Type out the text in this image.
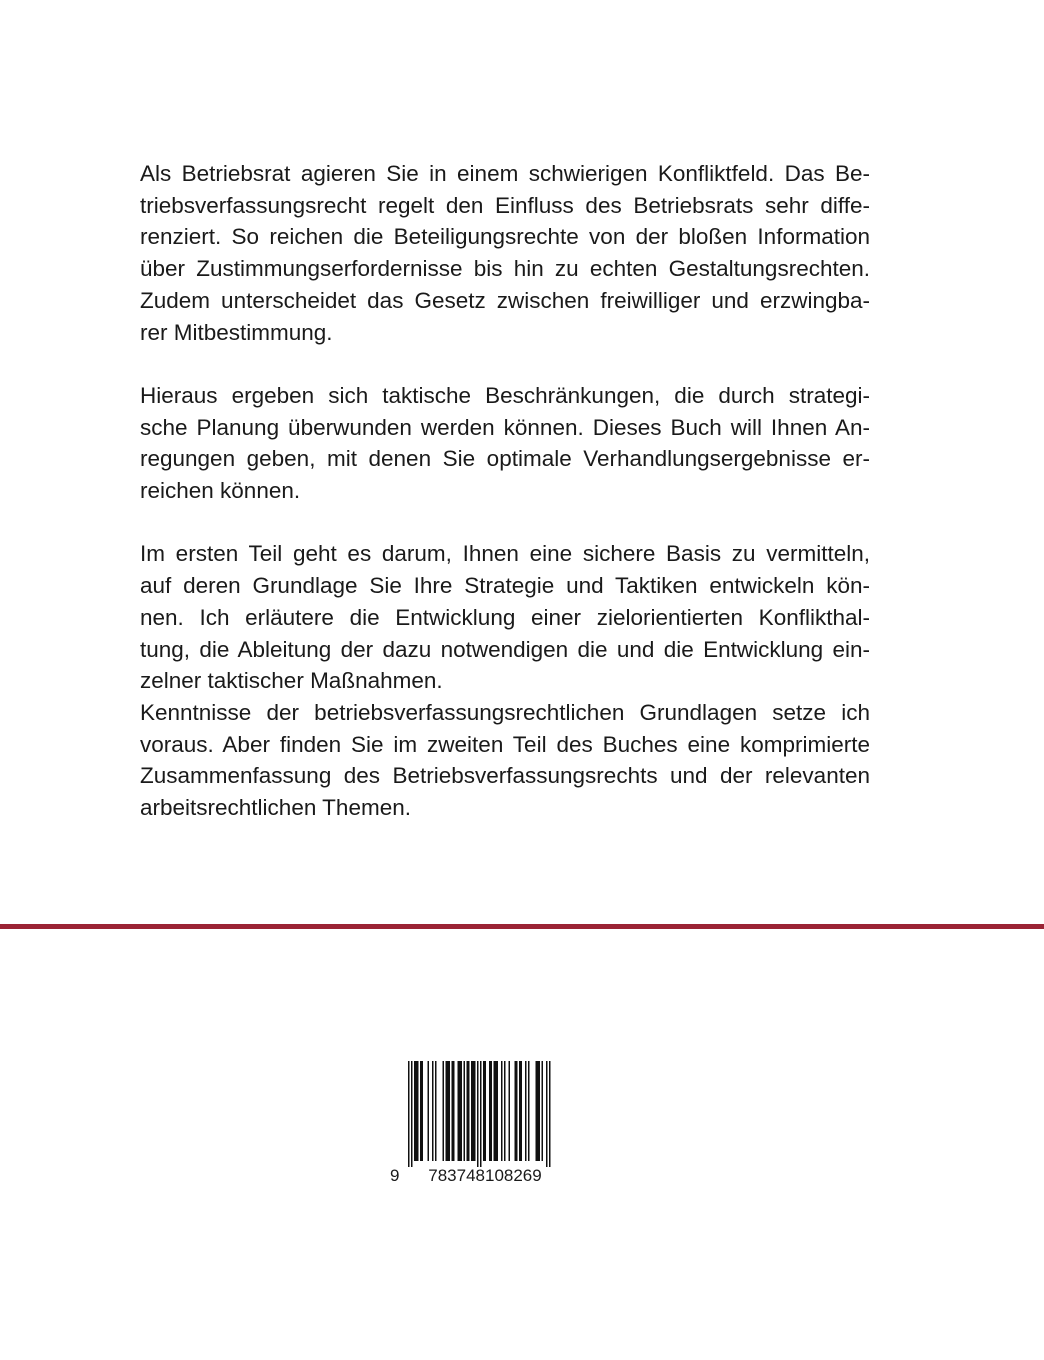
Als Betriebsrat agieren Sie in einem schwierigen Konfliktfeld. Das Be-

triebsverfassungsrecht regelt den Einfluss des Betriebsrats sehr diffe-

renziert. So reichen die Beteiligungsrechte von der bloßen Information

über Zustimmungserfordernisse bis hin zu echten Gestaltungsrechten.

Zudem unterscheidet das Gesetz zwischen freiwilliger und erzwingba-

rer Mitbestimmung.

Hieraus ergeben sich taktische Beschränkungen, die durch strategi-

sche Planung überwunden werden können. Dieses Buch will Ihnen An-

regungen geben, mit denen Sie optimale Verhandlungsergebnisse er-

reichen können.

Im ersten Teil geht es darum, Ihnen eine sichere Basis zu vermitteln,

auf deren Grundlage Sie Ihre Strategie und Taktiken entwickeln kön-

nen. Ich erläutere die Entwicklung einer zielorientierten Konflikthal-

tung, die Ableitung der dazu notwendigen die und die Entwicklung ein-

zelner taktischer Maßnahmen.

Kenntnisse der betriebsverfassungsrechtlichen Grundlagen setze ich

voraus. Aber finden Sie im zweiten Teil des Buches eine komprimierte

Zusammenfassung des Betriebsverfassungsrechts und der relevanten

arbeitsrechtlichen Themen.

9	783748108269
